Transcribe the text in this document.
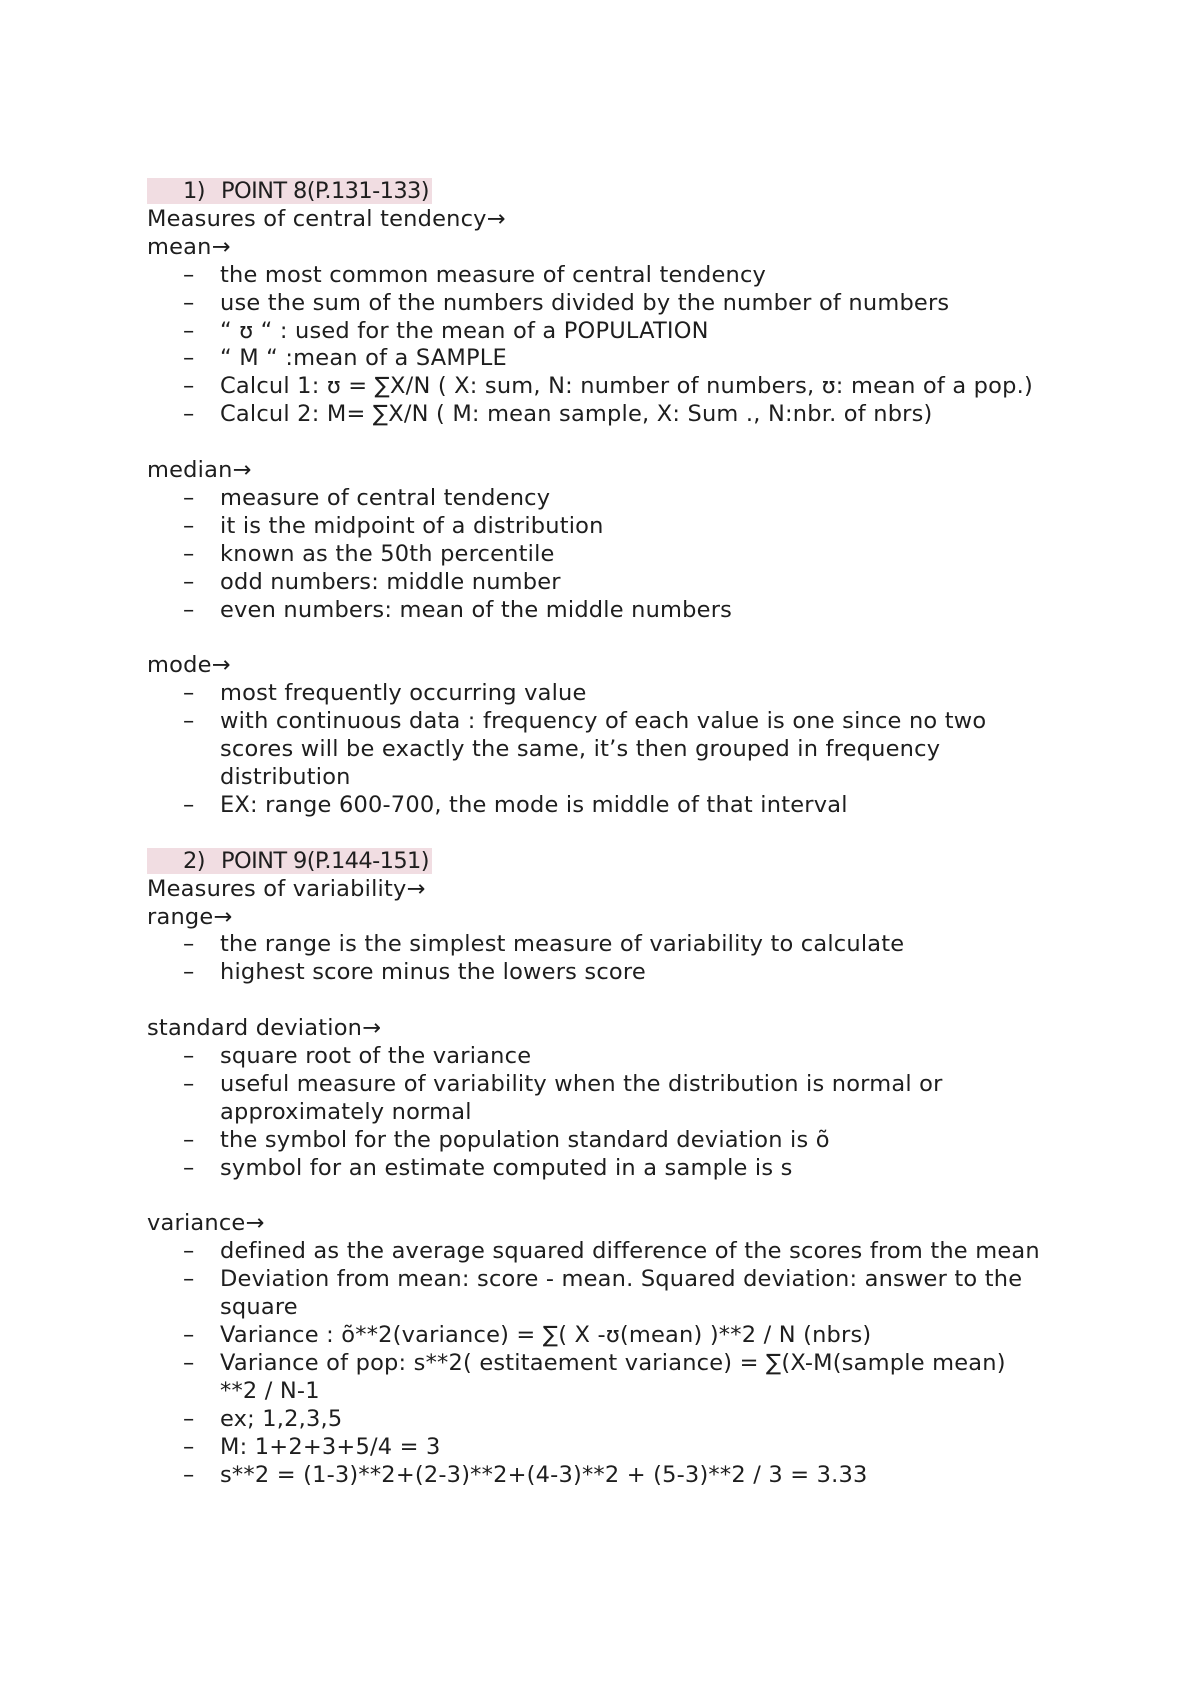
1) POINT 8(P.131-133)
Measures of central tendency→
mean→
– the most common measure of central tendency
– use the sum of the numbers divided by the number of numbers
– “ ʊ “ : used for the mean of a POPULATION
– “ M “ :mean of a SAMPLE
– Calcul 1: ʊ = ∑X/N ( X: sum, N: number of numbers, ʊ: mean of a pop.)
– Calcul 2: M= ∑X/N ( M: mean sample, X: Sum ., N:nbr. of nbrs)
median→
– measure of central tendency
– it is the midpoint of a distribution
– known as the 50th percentile
– odd numbers: middle number
– even numbers: mean of the middle numbers
mode→
– most frequently occurring value
– with continuous data : frequency of each value is one since no two scores will be exactly the same, it’s then grouped in frequency distribution
– EX: range 600-700, the mode is middle of that interval
2) POINT 9(P.144-151)
Measures of variability→
range→
– the range is the simplest measure of variability to calculate
– highest score minus the lowers score
standard deviation→
– square root of the variance
– useful measure of variability when the distribution is normal or approximately normal
– the symbol for the population standard deviation is õ
– symbol for an estimate computed in a sample is s
variance→
– defined as the average squared difference of the scores from the mean
– Deviation from mean: score - mean. Squared deviation: answer to the square
– Variance : õ**2(variance) = ∑( X -ʊ(mean) )**2 / N (nbrs)
– Variance of pop: s**2( estitaement variance) = ∑(X-M(sample mean) **2 / N-1
– ex; 1,2,3,5
– M: 1+2+3+5/4 = 3
– s**2 = (1-3)**2+(2-3)**2+(4-3)**2 + (5-3)**2 / 3 = 3.33
